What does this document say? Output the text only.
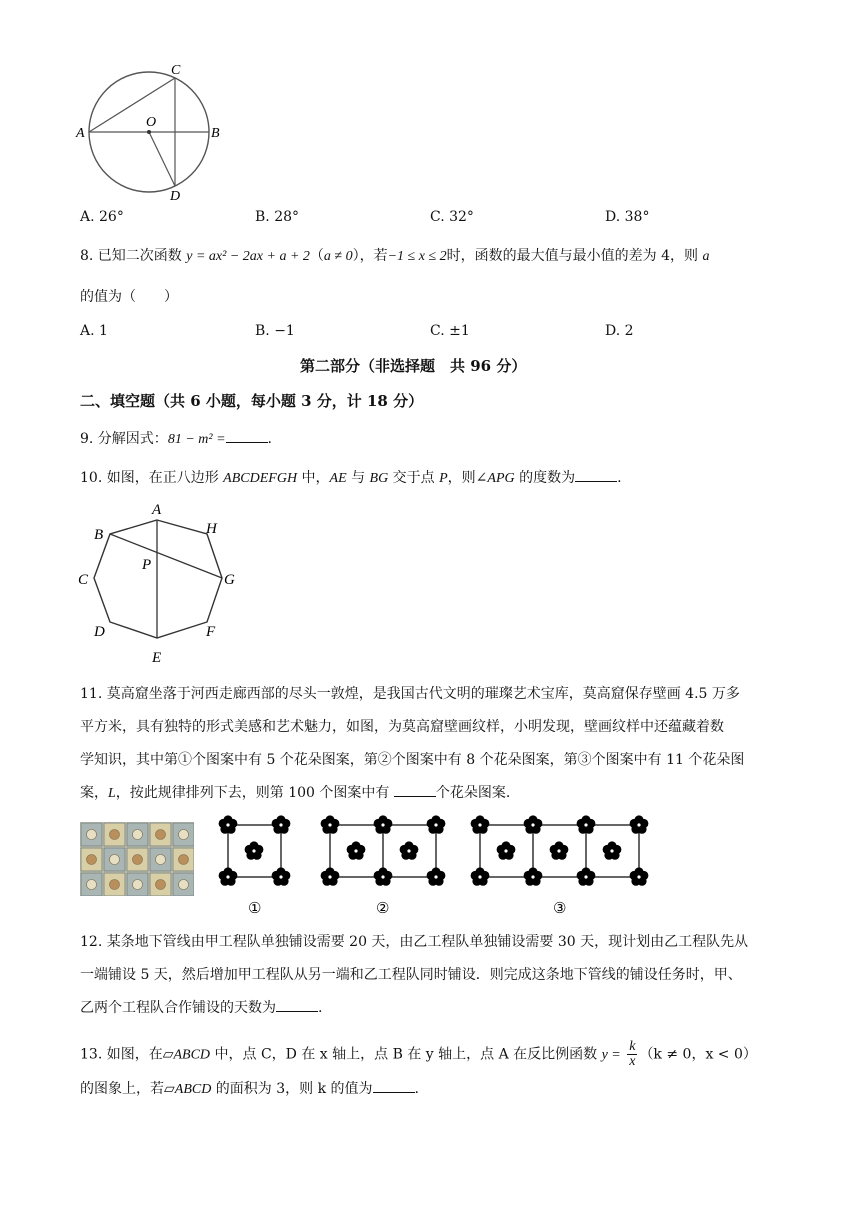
A	B
C
D
O
A. 26°	B. 28°	C. 32°	D. 38°
8. 已知二次函数 y = ax² − 2ax + a + 2（a ≠ 0），若−1 ≤ x ≤ 2时，函数的最大值与最小值的差为 4，则 a
的值为（　　）
A. 1	B. −1	C. ±1	D. 2
第二部分（非选择题　共 96 分）
二、填空题（共 6 小题，每小题 3 分，计 18 分）
9. 分解因式：81 − m² =	.
10. 如图，在正八边形 ABCDEFGH 中，AE 与 BG 交于点 P，则∠APG 的度数为	.
A
B
C
D
E
F
G
H
P
11. 莫高窟坐落于河西走廊西部的尽头一敦煌，是我国古代文明的璀璨艺术宝库，莫高窟保存壁画 4.5 万多
平方米，具有独特的形式美感和艺术魅力，如图，为莫高窟壁画纹样，小明发现，壁画纹样中还蕴藏着数
学知识，其中第①个图案中有 5 个花朵图案，第②个图案中有 8 个花朵图案，第③个图案中有 11 个花朵图
案，L，按此规律排列下去，则第 100 个图案中有	个花朵图案.
①	②	③
12. 某条地下管线由甲工程队单独铺设需要 20 天，由乙工程队单独铺设需要 30 天，现计划由乙工程队先从
一端铺设 5 天，然后增加甲工程队从另一端和乙工程队同时铺设．则完成这条地下管线的铺设任务时，甲、
乙两个工程队合作铺设的天数为	.
13. 如图，在▱ABCD 中，点 C，D 在 x 轴上，点 B 在 y 轴上，点 A 在反比例函数 $y = \frac{k}{x} (k \ne 0$，x < 0）
的图象上，若▱ABCD 的面积为 3，则 k 的值为	.
